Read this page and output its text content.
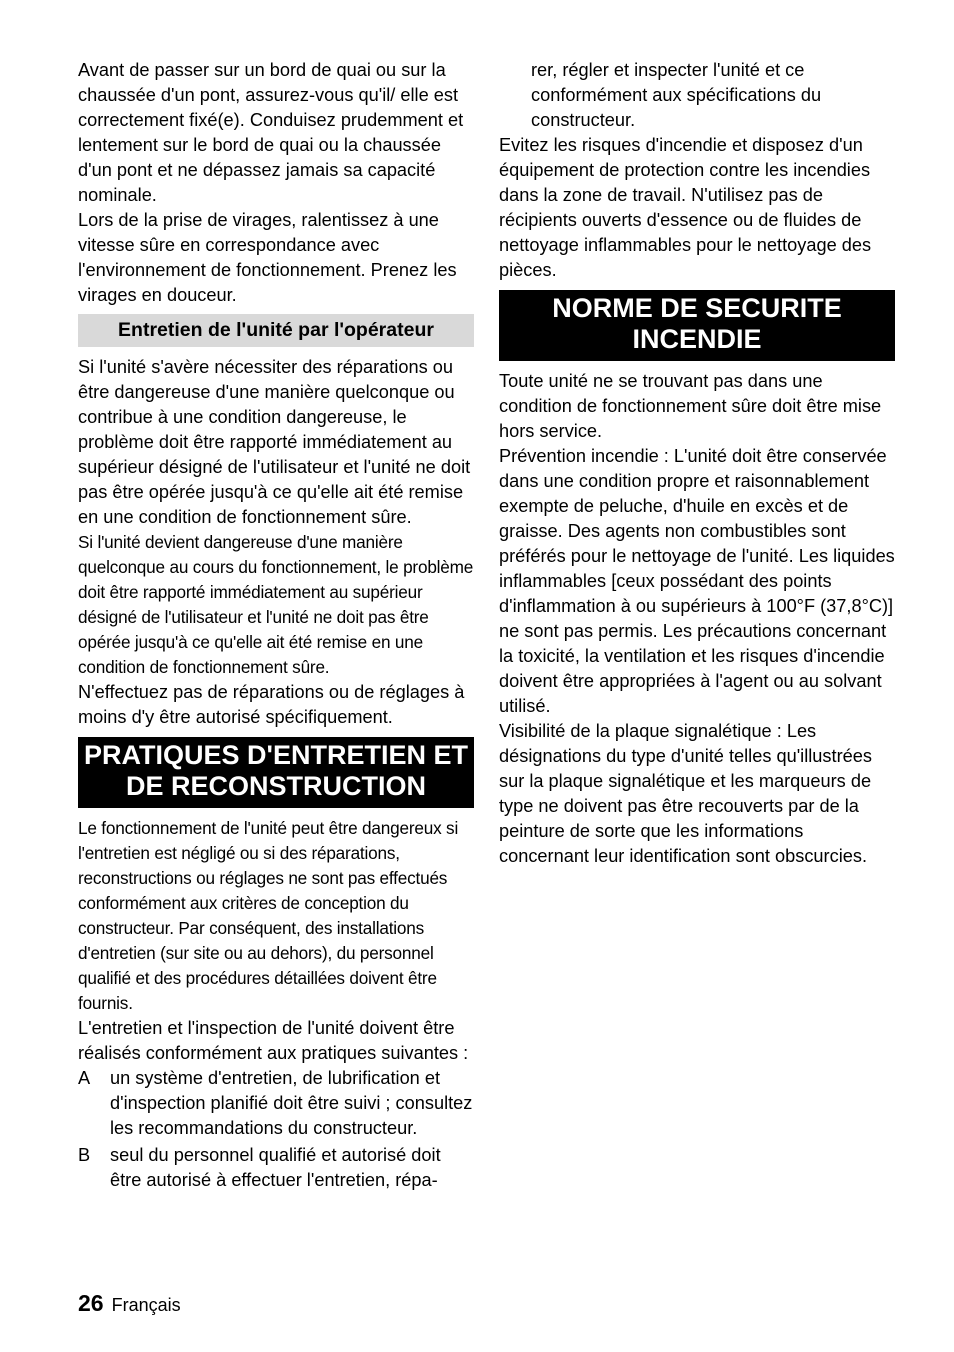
Avant de passer sur un bord de quai ou sur la chaussée d'un pont, assurez-vous qu'il/ elle est correctement fixé(e). Conduisez prudemment et lentement sur le bord de quai ou la chaussée d'un pont et ne dépassez jamais sa capacité nominale.

Lors de la prise de virages, ralentissez à une vitesse sûre en correspondance avec l'environnement de fonctionnement. Prenez les virages en douceur.

Entretien de l'unité par l'opérateur

Si l'unité s'avère nécessiter des réparations ou être dangereuse d'une manière quelconque ou contribue à une condition dangereuse, le problème doit être rapporté immédiatement au supérieur désigné de l'utilisateur et l'unité ne doit pas être opérée jusqu'à ce qu'elle ait été remise en une condition de fonctionnement sûre.

Si l'unité devient dangereuse d'une manière quelconque au cours du fonctionnement, le problème doit être rapporté immédiatement au supérieur désigné de l'utilisateur et l'unité ne doit pas être opérée jusqu'à ce qu'elle ait été remise en une condition de fonctionnement sûre.

N'effectuez pas de réparations ou de réglages à moins d'y être autorisé spécifiquement.

PRATIQUES D'ENTRETIEN ET DE RECONSTRUCTION

Le fonctionnement de l'unité peut être dangereux si l'entretien est négligé ou si des réparations, reconstructions ou réglages ne sont pas effectués conformément aux critères de conception du constructeur. Par conséquent, des installations d'entretien (sur site ou au dehors), du personnel qualifié et des procédures détaillées doivent être fournis.

L'entretien et l'inspection de l'unité doivent être réalisés conformément aux pratiques suivantes :

A	un système d'entretien, de lubrification et d'inspection planifié doit être suivi ; consultez les recommandations du constructeur.
B	seul du personnel qualifié et autorisé doit être autorisé à effectuer l'entretien, répa-

rer, régler et inspecter l'unité et ce conformément aux spécifications du constructeur.

Evitez les risques d'incendie et disposez d'un équipement de protection contre les incendies dans la zone de travail. N'utilisez pas de récipients ouverts d'essence ou de fluides de nettoyage inflammables pour le nettoyage des pièces.

NORME DE SECURITE INCENDIE

Toute unité ne se trouvant pas dans une condition de fonctionnement sûre doit être mise hors service.

Prévention incendie : L'unité doit être conservée dans une condition propre et raisonnablement exempte de peluche, d'huile en excès et de graisse. Des agents non combustibles sont préférés pour le nettoyage de l'unité. Les liquides inflammables [ceux possédant des points d'inflammation à ou supérieurs à 100°F (37,8°C)] ne sont pas permis. Les précautions concernant la toxicité, la ventilation et les risques d'incendie doivent être appropriées à l'agent ou au solvant utilisé.

Visibilité de la plaque signalétique : Les désignations du type d'unité telles qu'illustrées sur la plaque signalétique et les marqueurs de type ne doivent pas être recouverts par de la peinture de sorte que les informations concernant leur identification sont obscurcies.

26 Français
